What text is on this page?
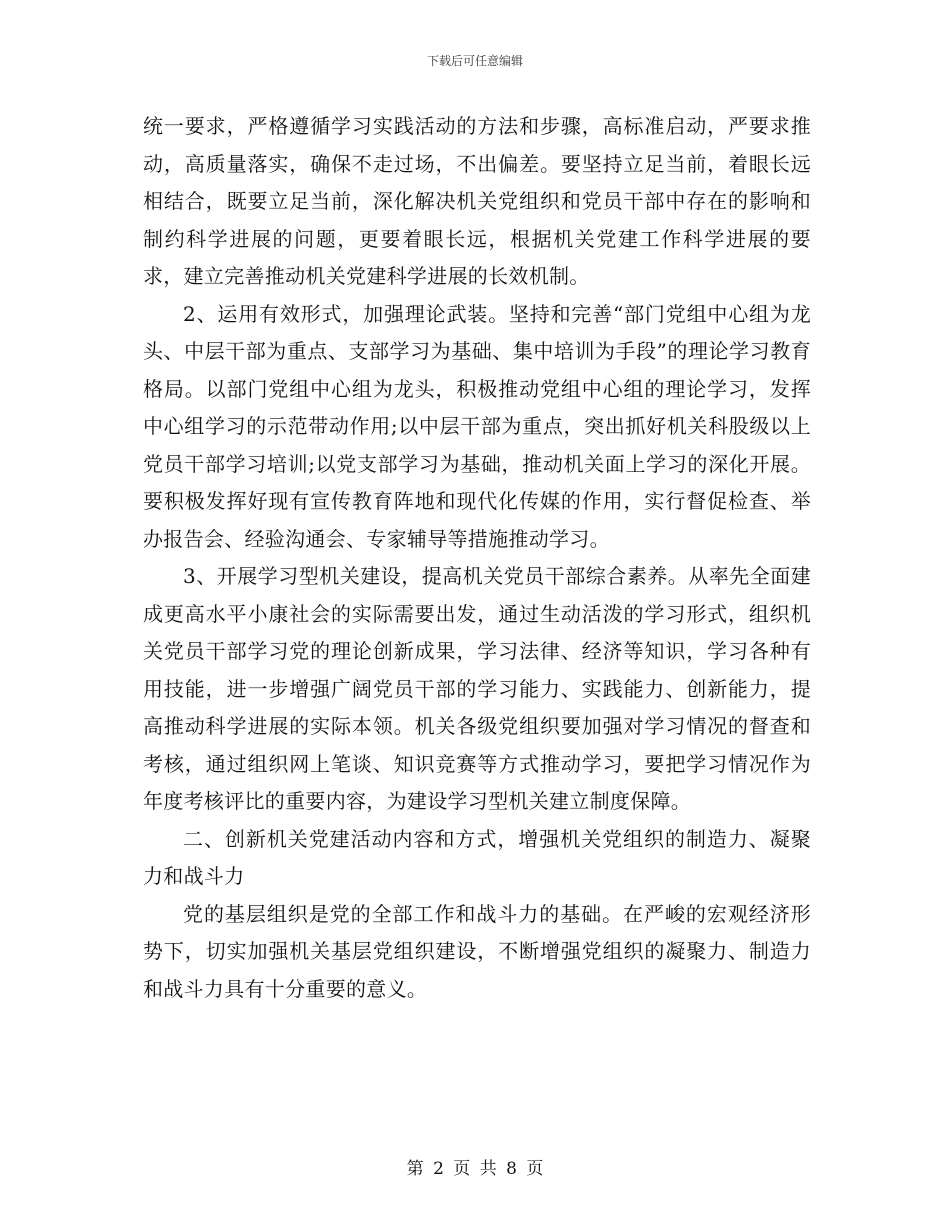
下载后可任意编辑

统一要求，严格遵循学习实践活动的方法和步骤，高标准启动，严要求推动，高质量落实，确保不走过场，不出偏差。要坚持立足当前，着眼长远相结合，既要立足当前，深化解决机关党组织和党员干部中存在的影响和制约科学进展的问题，更要着眼长远，根据机关党建工作科学进展的要求，建立完善推动机关党建科学进展的长效机制。

2、运用有效形式，加强理论武装。坚持和完善“部门党组中心组为龙头、中层干部为重点、支部学习为基础、集中培训为手段”的理论学习教育格局。以部门党组中心组为龙头，积极推动党组中心组的理论学习，发挥中心组学习的示范带动作用;以中层干部为重点，突出抓好机关科股级以上党员干部学习培训;以党支部学习为基础，推动机关面上学习的深化开展。要积极发挥好现有宣传教育阵地和现代化传媒的作用，实行督促检查、举办报告会、经验沟通会、专家辅导等措施推动学习。

3、开展学习型机关建设，提高机关党员干部综合素养。从率先全面建成更高水平小康社会的实际需要出发，通过生动活泼的学习形式，组织机关党员干部学习党的理论创新成果，学习法律、经济等知识，学习各种有用技能，进一步增强广阔党员干部的学习能力、实践能力、创新能力，提高推动科学进展的实际本领。机关各级党组织要加强对学习情况的督查和考核，通过组织网上笔谈、知识竞赛等方式推动学习，要把学习情况作为年度考核评比的重要内容，为建设学习型机关建立制度保障。

二、创新机关党建活动内容和方式，增强机关党组织的制造力、凝聚力和战斗力

党的基层组织是党的全部工作和战斗力的基础。在严峻的宏观经济形势下，切实加强机关基层党组织建设，不断增强党组织的凝聚力、制造力和战斗力具有十分重要的意义。

第 2 页 共 8 页
